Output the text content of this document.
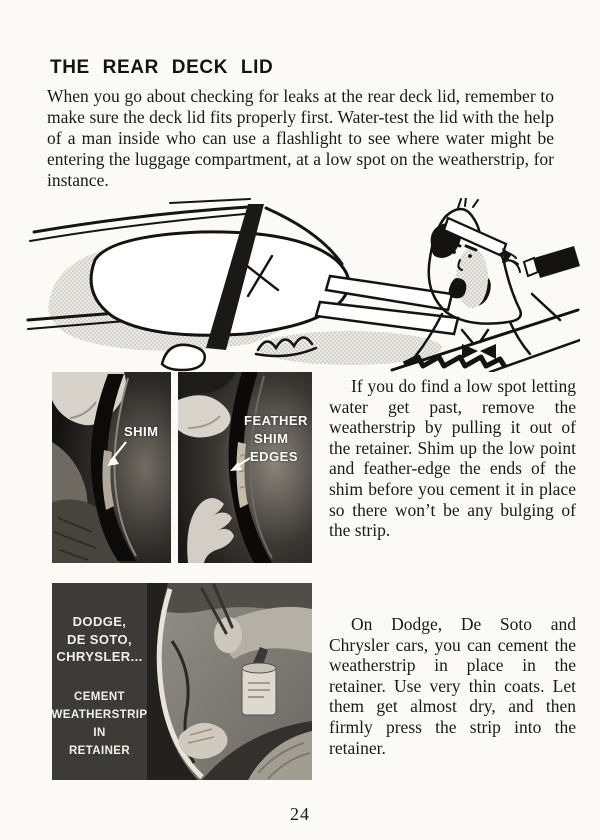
THE REAR DECK LID
When you go about checking for leaks at the rear deck lid, remember to make sure the deck lid fits properly first. Water-test the lid with the help of a man inside who can use a flashlight to see where water might be entering the luggage compartment, at a low spot on the weatherstrip, for instance.
SHIM
FEATHER
SHIM
EDGES
If you do find a low spot letting water get past, remove the weatherstrip by pulling it out of the retainer. Shim up the low point and feather-edge the ends of the shim before you cement it in place so there won’t be any bulging of the strip.
DODGE,
DE SOTO,
CHRYSLER...
CEMENT
WEATHERSTRIP
IN
RETAINER
On Dodge, De Soto and Chrysler cars, you can cement the weatherstrip in place in the retainer. Use very thin coats. Let them get almost dry, and then firmly press the strip into the retainer.
24
